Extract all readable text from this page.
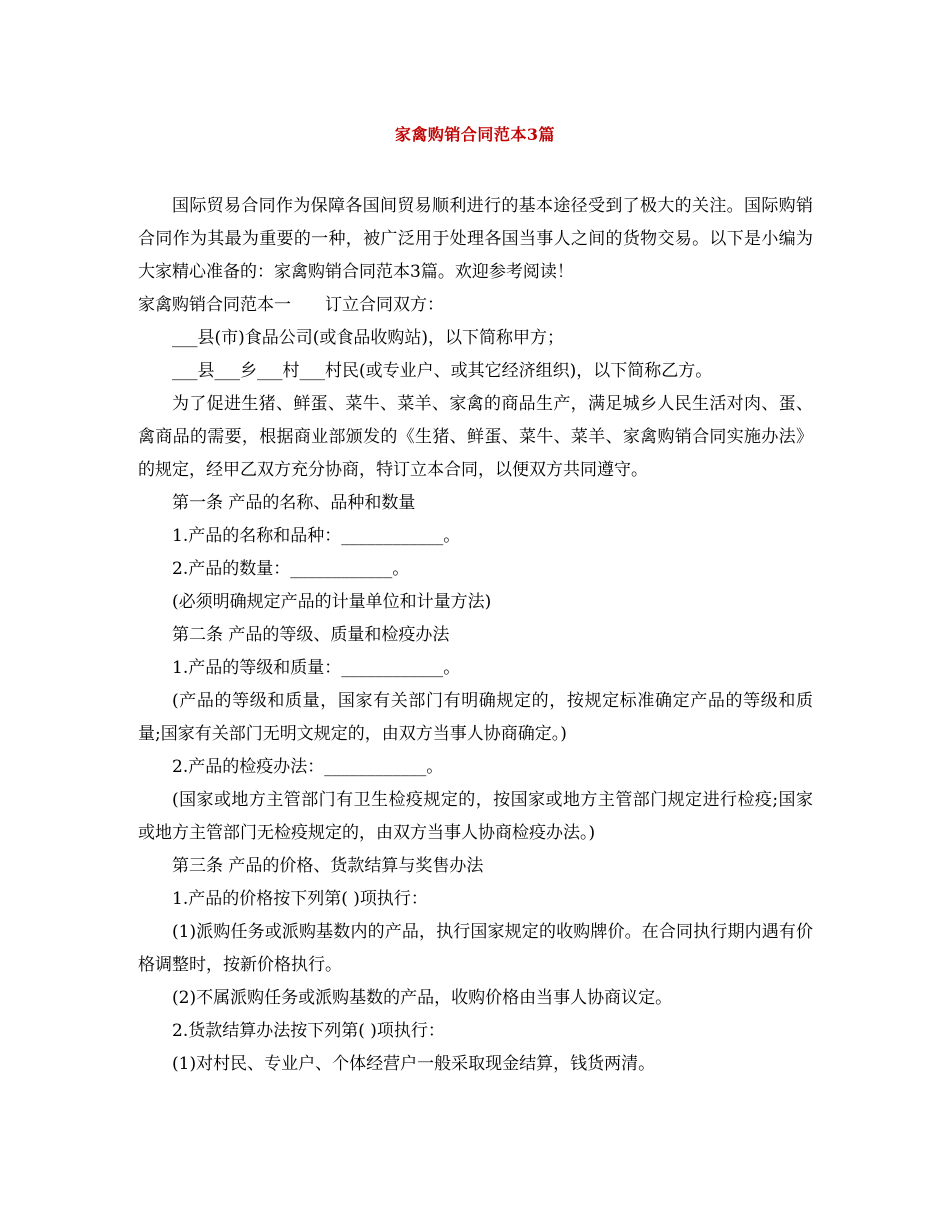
家禽购销合同范本3篇

国际贸易合同作为保障各国间贸易顺利进行的基本途径受到了极大的关注。国际购销合同作为其最为重要的一种，被广泛用于处理各国当事人之间的货物交易。以下是小编为大家精心准备的：家禽购销合同范本3篇。欢迎参考阅读！

家禽购销合同范本一 订立合同双方：

___县(市)食品公司(或食品收购站)，以下简称甲方；

___县___乡___村___村民(或专业户、或其它经济组织)，以下简称乙方。

为了促进生猪、鲜蛋、菜牛、菜羊、家禽的商品生产，满足城乡人民生活对肉、蛋、禽商品的需要，根据商业部颁发的《生猪、鲜蛋、菜牛、菜羊、家禽购销合同实施办法》的规定，经甲乙双方充分协商，特订立本合同，以便双方共同遵守。

第一条 产品的名称、品种和数量

1.产品的名称和品种：____________。

2.产品的数量：____________。

(必须明确规定产品的计量单位和计量方法)

第二条 产品的等级、质量和检疫办法

1.产品的等级和质量：____________。

(产品的等级和质量，国家有关部门有明确规定的，按规定标准确定产品的等级和质量;国家有关部门无明文规定的，由双方当事人协商确定。)

2.产品的检疫办法：____________。

(国家或地方主管部门有卫生检疫规定的，按国家或地方主管部门规定进行检疫;国家或地方主管部门无检疫规定的，由双方当事人协商检疫办法。)

第三条 产品的价格、货款结算与奖售办法

1.产品的价格按下列第( )项执行：

(1)派购任务或派购基数内的产品，执行国家规定的收购牌价。在合同执行期内遇有价格调整时，按新价格执行。

(2)不属派购任务或派购基数的产品，收购价格由当事人协商议定。

2.货款结算办法按下列第( )项执行：

(1)对村民、专业户、个体经营户一般采取现金结算，钱货两清。
